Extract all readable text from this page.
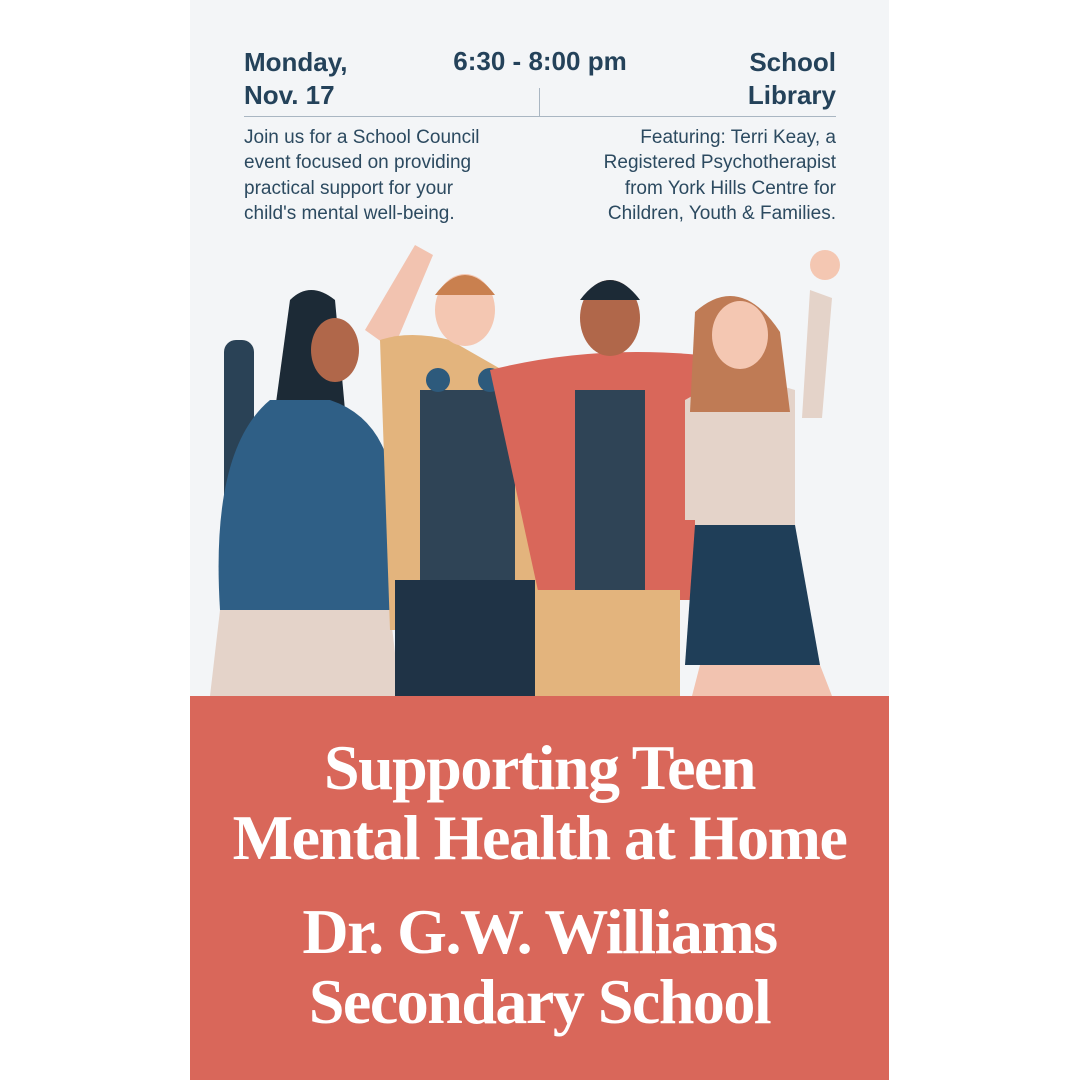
Monday,
Nov. 17
6:30 - 8:00 pm	School
Library
Join us for a School Council
event focused on providing
practical support for your
child's mental well-being.
Featuring: Terri Keay, a
Registered Psychotherapist
from York Hills Centre for
Children, Youth & Families.
Supporting Teen
Mental Health at Home
Dr. G.W. Williams
Secondary School
